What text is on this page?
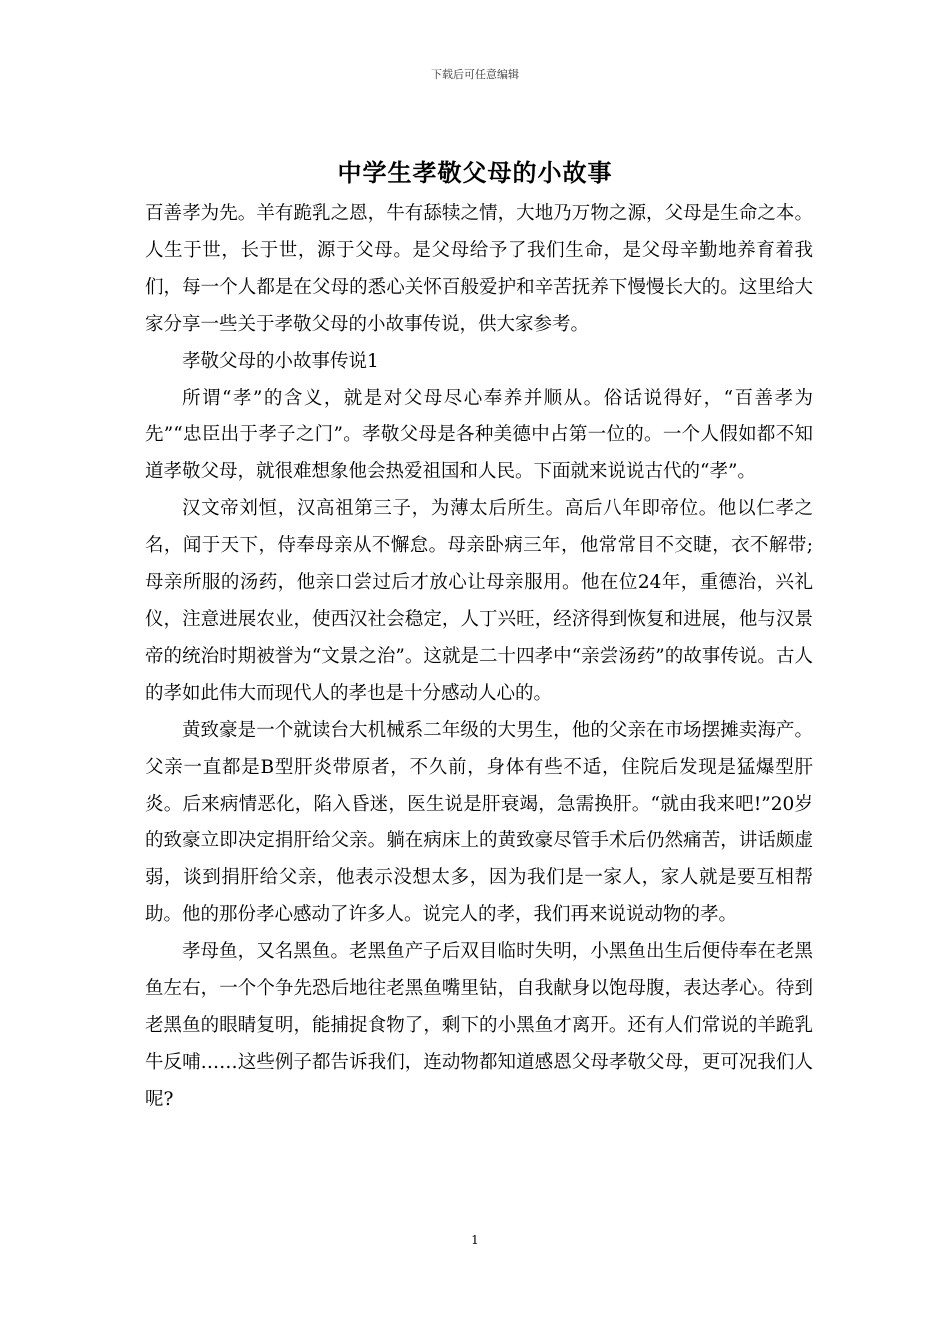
下载后可任意编辑
中学生孝敬父母的小故事

百善孝为先。羊有跪乳之恩，牛有舔犊之情，大地乃万物之源，父母是生命之本。人生于世，长于世，源于父母。是父母给予了我们生命，是父母辛勤地养育着我们，每一个人都是在父母的悉心关怀百般爱护和辛苦抚养下慢慢长大的。这里给大家分享一些关于孝敬父母的小故事传说，供大家参考。

孝敬父母的小故事传说1

所谓“孝”的含义，就是对父母尽心奉养并顺从。俗话说得好，“百善孝为先”“忠臣出于孝子之门”。孝敬父母是各种美德中占第一位的。一个人假如都不知道孝敬父母，就很难想象他会热爱祖国和人民。下面就来说说古代的“孝”。

汉文帝刘恒，汉高祖第三子，为薄太后所生。高后八年即帝位。他以仁孝之名，闻于天下，侍奉母亲从不懈怠。母亲卧病三年，他常常目不交睫，衣不解带;母亲所服的汤药，他亲口尝过后才放心让母亲服用。他在位24年，重德治，兴礼仪，注意进展农业，使西汉社会稳定，人丁兴旺，经济得到恢复和进展，他与汉景帝的统治时期被誉为“文景之治”。这就是二十四孝中“亲尝汤药”的故事传说。古人的孝如此伟大而现代人的孝也是十分感动人心的。

黄致豪是一个就读台大机械系二年级的大男生，他的父亲在市场摆摊卖海产。父亲一直都是B型肝炎带原者，不久前，身体有些不适，住院后发现是猛爆型肝炎。后来病情恶化，陷入昏迷，医生说是肝衰竭，急需换肝。“就由我来吧!”20岁的致豪立即决定捐肝给父亲。躺在病床上的黄致豪尽管手术后仍然痛苦，讲话颇虚弱，谈到捐肝给父亲，他表示没想太多，因为我们是一家人，家人就是要互相帮助。他的那份孝心感动了许多人。说完人的孝，我们再来说说动物的孝。

孝母鱼，又名黑鱼。老黑鱼产子后双目临时失明，小黑鱼出生后便侍奉在老黑鱼左右，一个个争先恐后地往老黑鱼嘴里钻，自我献身以饱母腹，表达孝心。待到老黑鱼的眼睛复明，能捕捉食物了，剩下的小黑鱼才离开。还有人们常说的羊跪乳牛反哺……这些例子都告诉我们，连动物都知道感恩父母孝敬父母，更可况我们人呢?

1
